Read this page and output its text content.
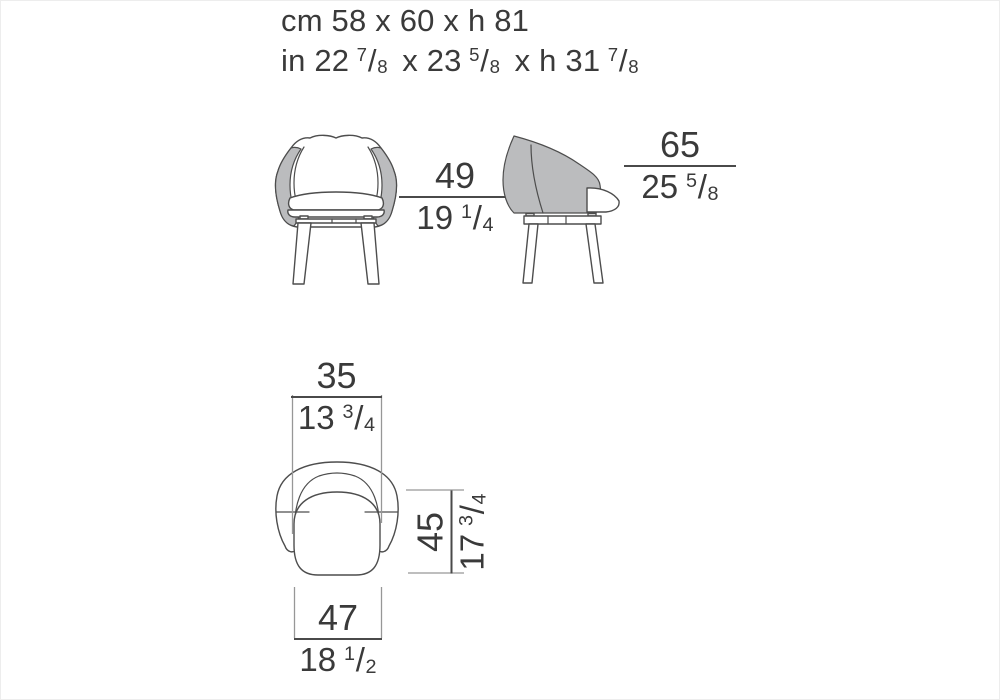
cm 58 x 60 x h 81
in 22 $^7$/8 x 23 $^5$/8 x h 31 $^7$/8
49
19 $^1$/4
65
25 $^5$/8
35
13 $^3$/4
45
$17^3/4$
47
18 $^1$/2
